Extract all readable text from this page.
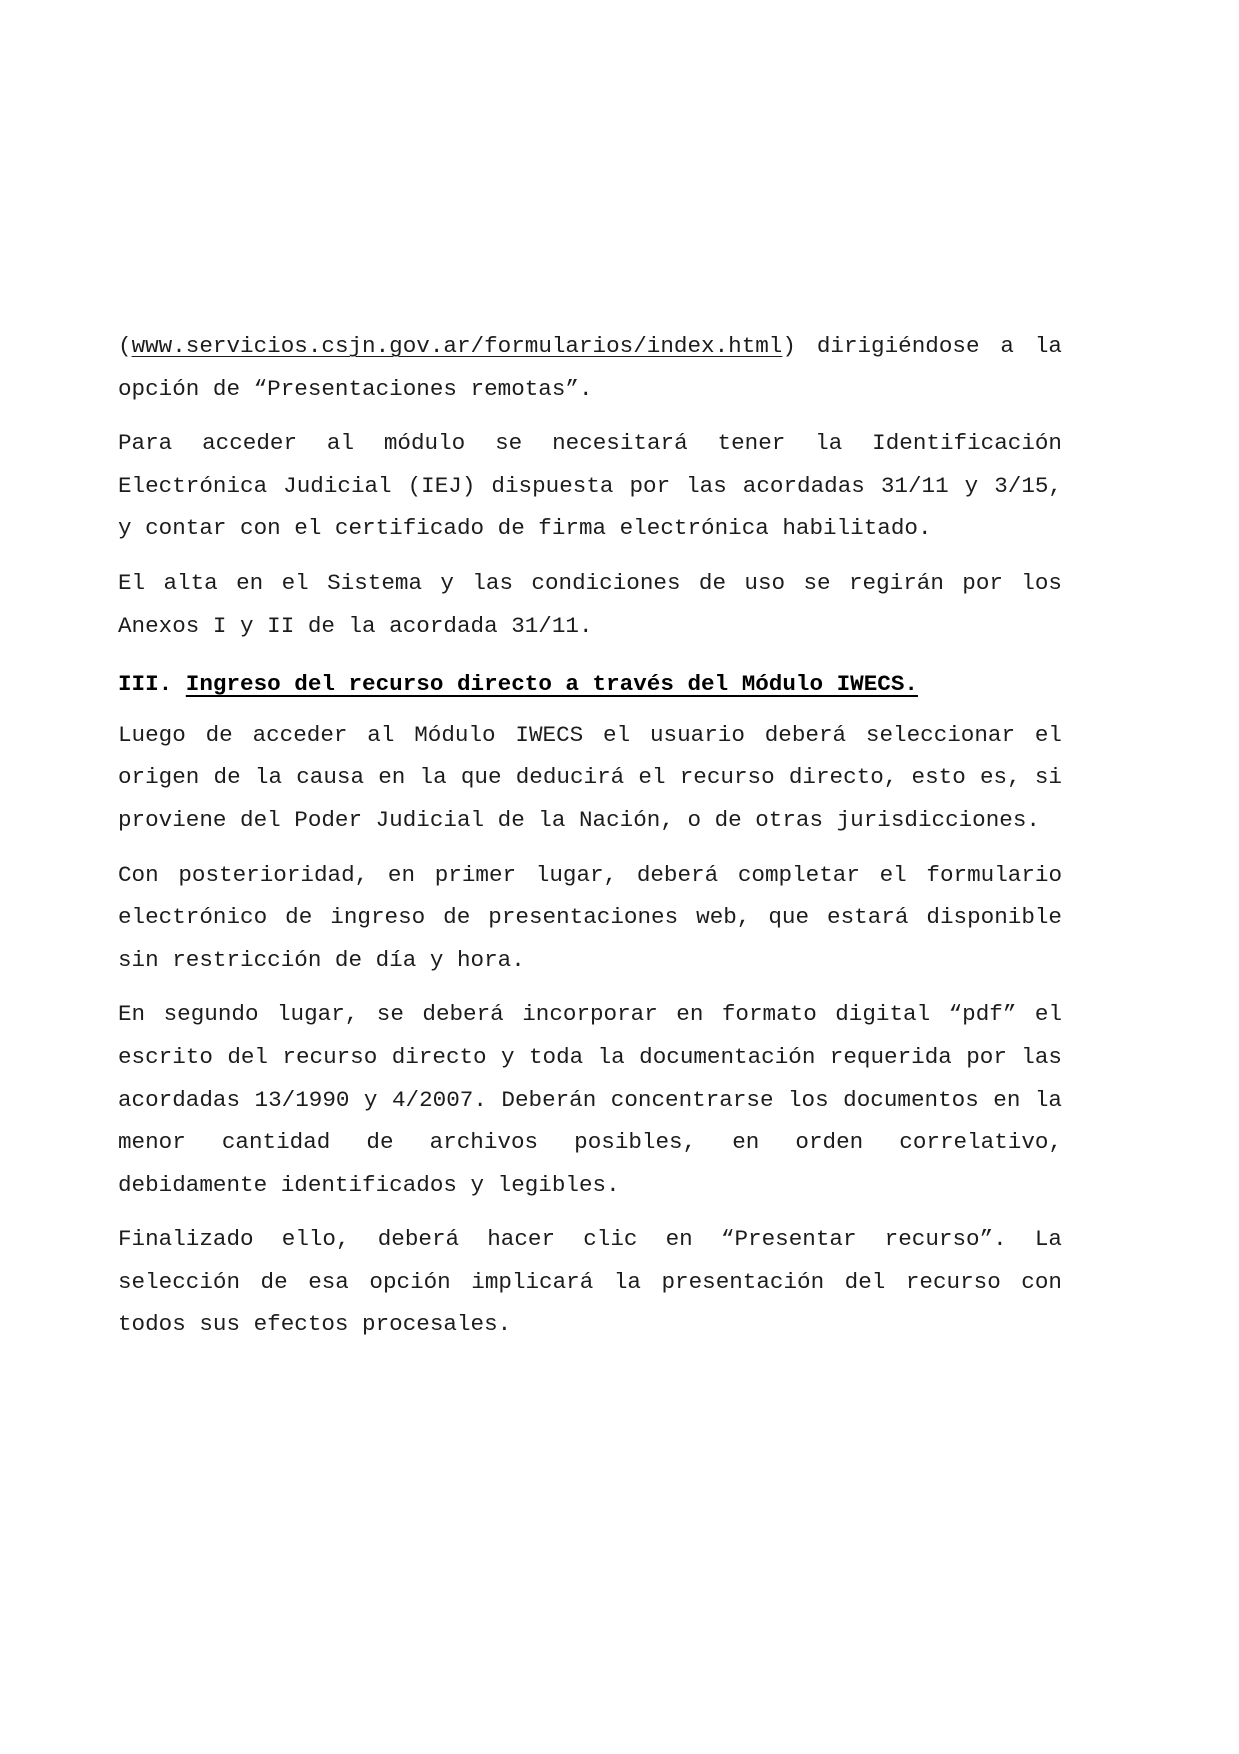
(www.servicios.csjn.gov.ar/formularios/index.html) dirigiéndose a la opción de “Presentaciones remotas”.

Para acceder al módulo se necesitará tener la Identificación Electrónica Judicial (IEJ) dispuesta por las acordadas 31/11 y 3/15, y contar con el certificado de firma electrónica habilitado.

El alta en el Sistema y las condiciones de uso se regirán por los Anexos I y II de la acordada 31/11.

III. Ingreso del recurso directo a través del Módulo IWECS.

Luego de acceder al Módulo IWECS el usuario deberá seleccionar el origen de la causa en la que deducirá el recurso directo, esto es, si proviene del Poder Judicial de la Nación, o de otras jurisdicciones.

Con posterioridad, en primer lugar, deberá completar el formulario electrónico de ingreso de presentaciones web, que estará disponible sin restricción de día y hora.

En segundo lugar, se deberá incorporar en formato digital “pdf” el escrito del recurso directo y toda la documentación requerida por las acordadas 13/1990 y 4/2007. Deberán concentrarse los documentos en la menor cantidad de archivos posibles, en orden correlativo, debidamente identificados y legibles.

Finalizado ello, deberá hacer clic en “Presentar recurso”. La selección de esa opción implicará la presentación del recurso con todos sus efectos procesales.
